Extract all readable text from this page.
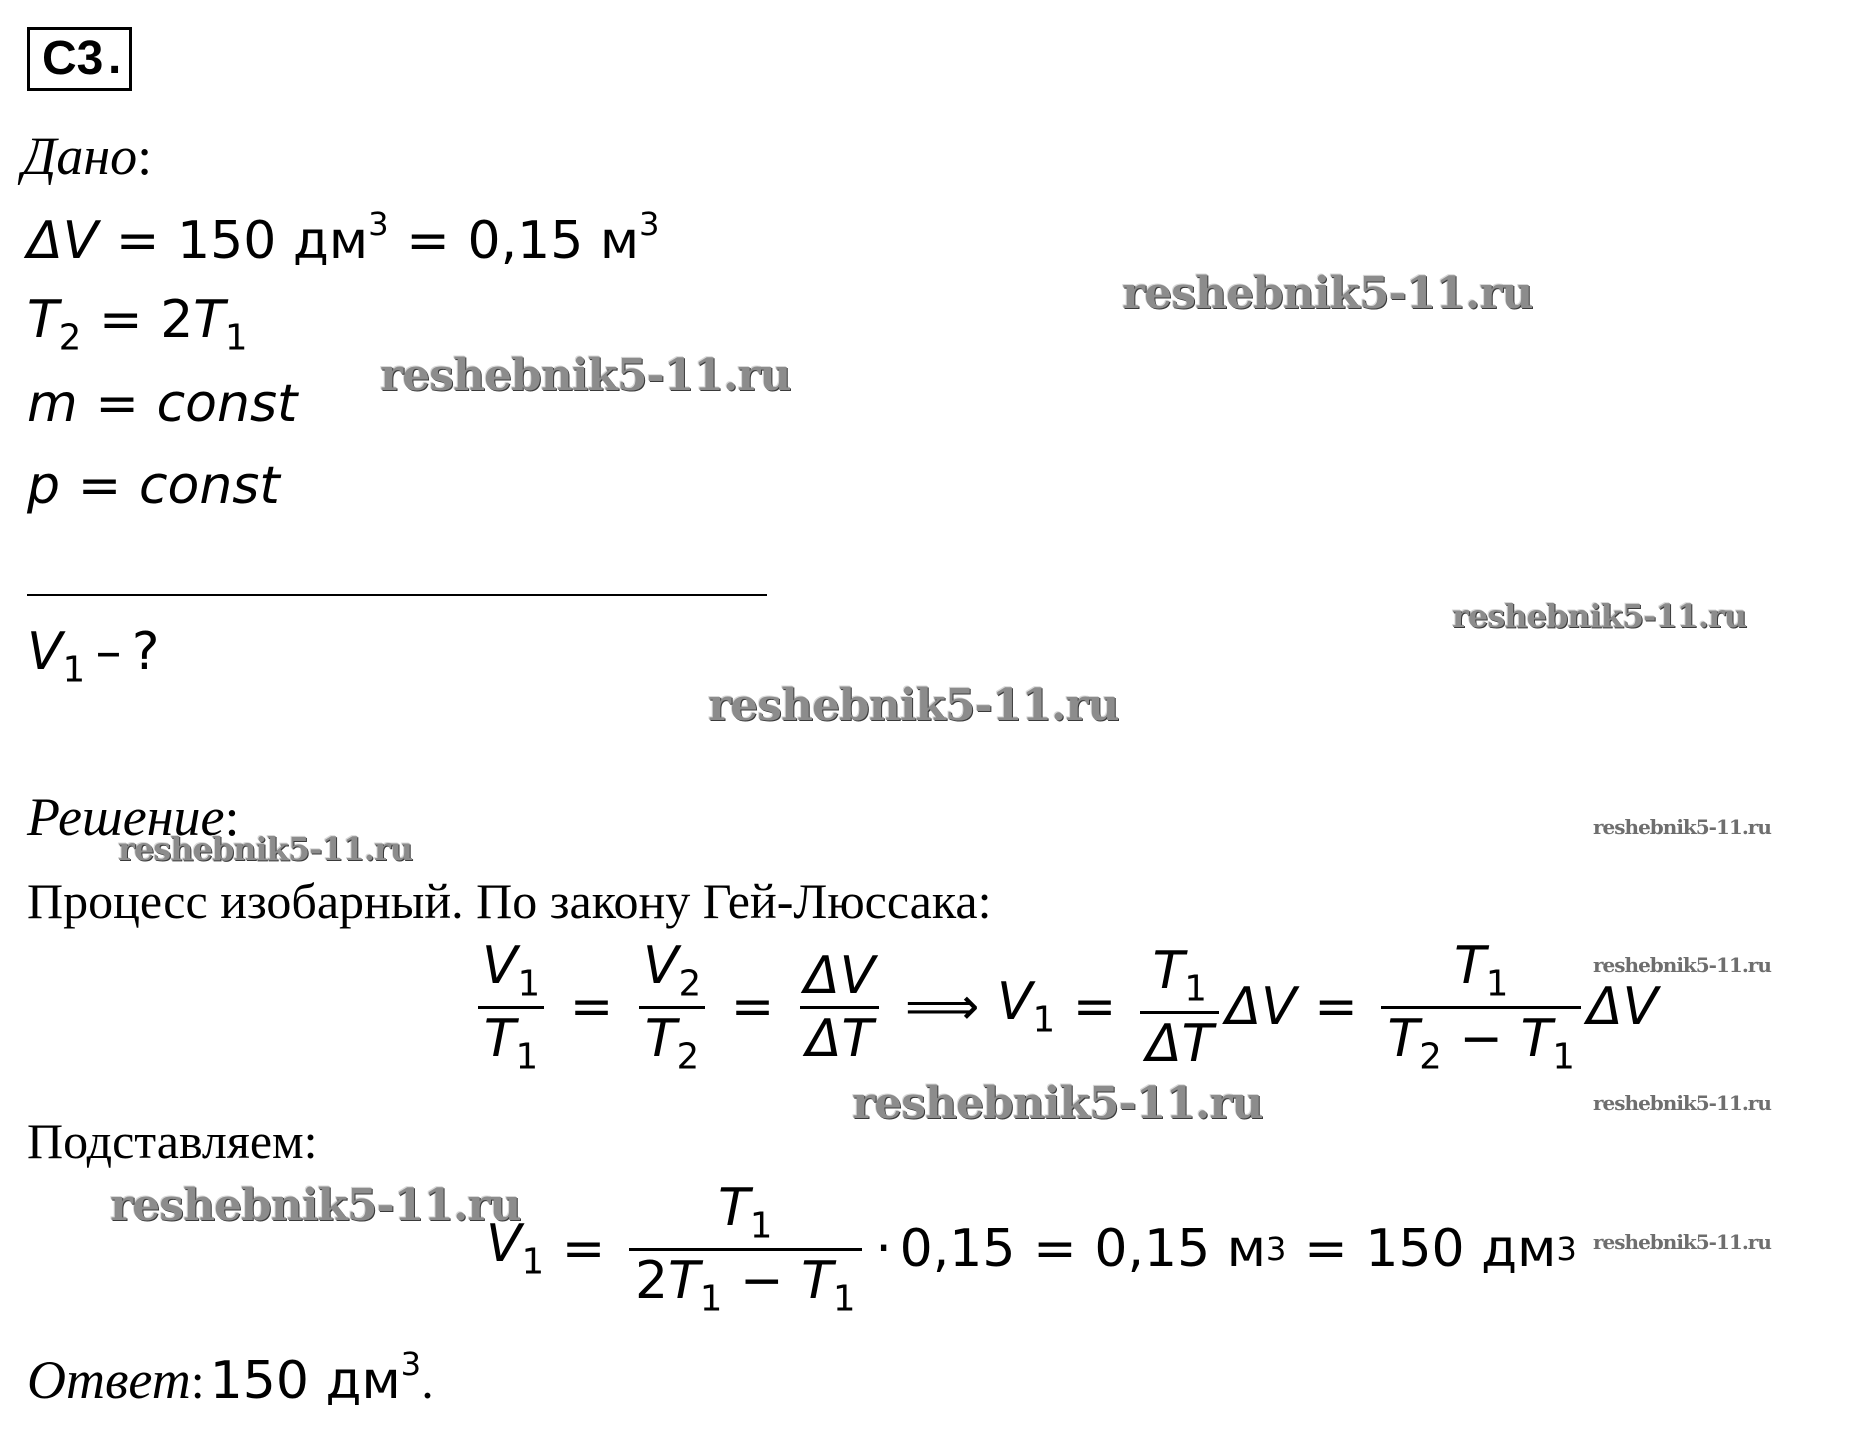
C3 .
Дано:
ΔV = 150 $дм^3 = 0,15$ $м^3$
$T_2 = 2T_1$
m = const
p = const
$V_1$ – ?
Решение:
Процесс изобарный. По закону Гей-Люссака:
$\frac{V_1}{T_1} = \frac{V_2}{T_2} = \frac{\Delta V}{\Delta T}$ ⟹ $V_1 = \frac{T_1}{\Delta T}$ $\Delta V = \frac{T_1}{T_2 - T_1}$ ΔV
Подставляем:
$V_1 = \frac{T_1}{2T_1 - T_1} \cdot 0,15 = 0,15$
м 3 = 150
дм 3
Ответ: 150 $дм^3$.
reshebnik5-11.ru
reshebnik5-11.ru
reshebnik5-11.ru
reshebnik5-11.ru
reshebnik5-11.ru
reshebnik5-11.ru
reshebnik5-11.ru
reshebnik5-11.ru	reshebnik5-11.ru
reshebnik5-11.ru
reshebnik5-11.ru
